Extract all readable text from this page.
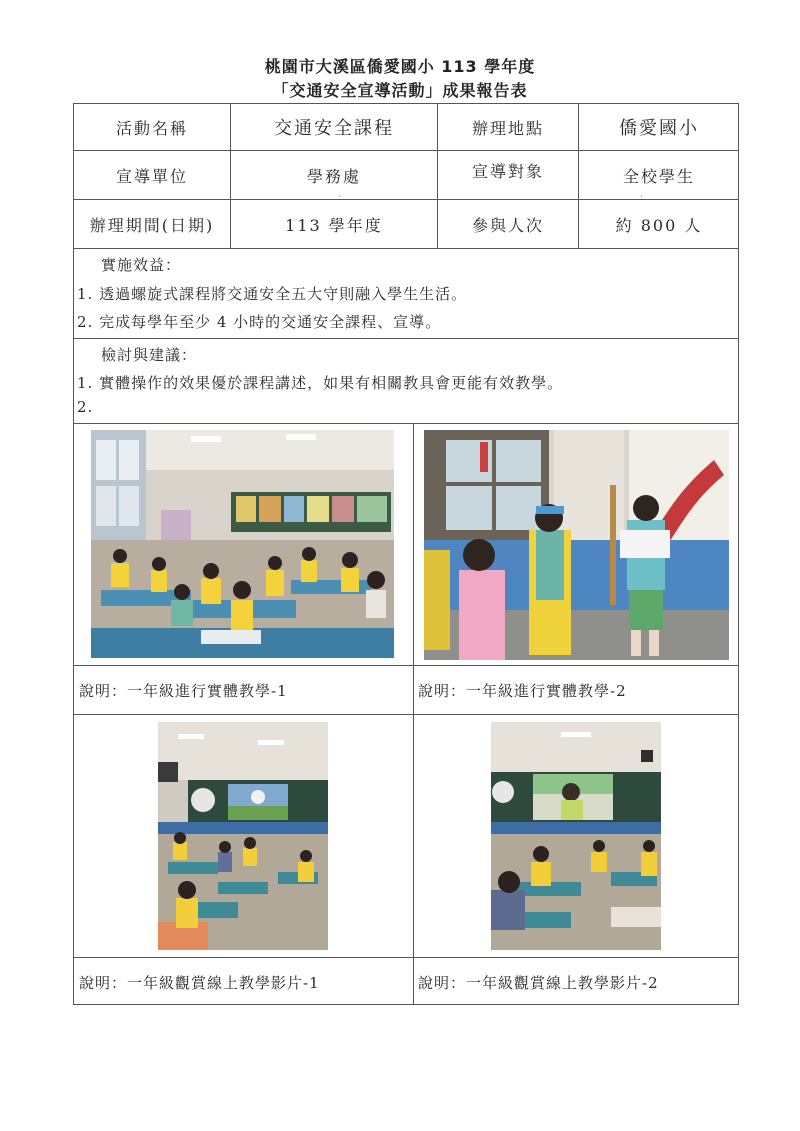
桃園市大溪區僑愛國小 113 學年度
「交通安全宣導活動」成果報告表
活動名稱	交通安全課程	辦理地點	僑愛國小
宣導單位	學務處	宣導對象	全校學生
辦理期間(日期)	113 學年度	參與人次	約 800 人
實施效益：
1. 透過螺旋式課程將交通安全五大守則融入學生生活。
2. 完成每學年至少 4 小時的交通安全課程、宣導。
檢討與建議：
1. 實體操作的效果優於課程講述，如果有相關教具會更能有效教學。
2.
說明：一年級進行實體教學-1	說明：一年級進行實體教學-2
說明：一年級觀賞線上教學影片-1	說明：一年級觀賞線上教學影片-2
·	·
